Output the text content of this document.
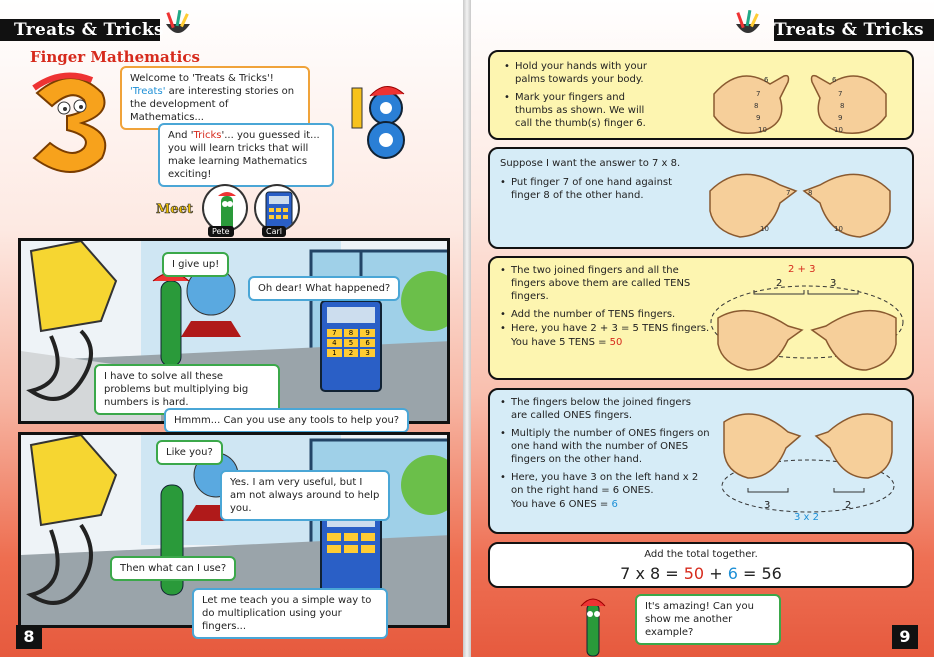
Treats & Tricks
Finger Mathematics
Welcome to 'Treats & Tricks'!
'Treats' are interesting stories on the development of Mathematics...
And 'Tricks'... you guessed it... you will learn tricks that will make learning Mathematics exciting!
Meet
Pete	Carl
7	8	9
4	5	6
1	2	3
I give up!
Oh dear! What happened?
I have to solve all these problems but multiplying big numbers is hard.
Hmmm... Can you use any tools to help you?
Like you?
Yes. I am very useful, but I am not always around to help you.
Then what can I use?
Let me teach you a simple way to do multiplication using your fingers...
8
Treats & Tricks
• Hold your hands with your palms towards your body.
• Mark your fingers and thumbs as shown. We will call the thumb(s) finger 6.
6
7
8
9
10
6
7
8
9
10
Suppose I want the answer to 7 x 8.
• Put finger 7 of one hand against finger 8 of the other hand.	7	8
10	10
• The two joined fingers and all the fingers above them are called TENS fingers.
• Add the number of TENS fingers.
• Here, you have 2 + 3 = 5 TENS fingers.
You have 5 TENS = 50
2 + 3
2	3
• The fingers below the joined fingers are called ONES fingers.
• Multiply the number of ONES fingers on one hand with the number of ONES fingers on the other hand.
• Here, you have 3 on the left hand x 2 on the right hand = 6 ONES.
You have 6 ONES = 6	3	2
3 x 2
Add the total together.
7 x 8 = 50 + 6 = 56
It's amazing! Can you show me another example?	9
